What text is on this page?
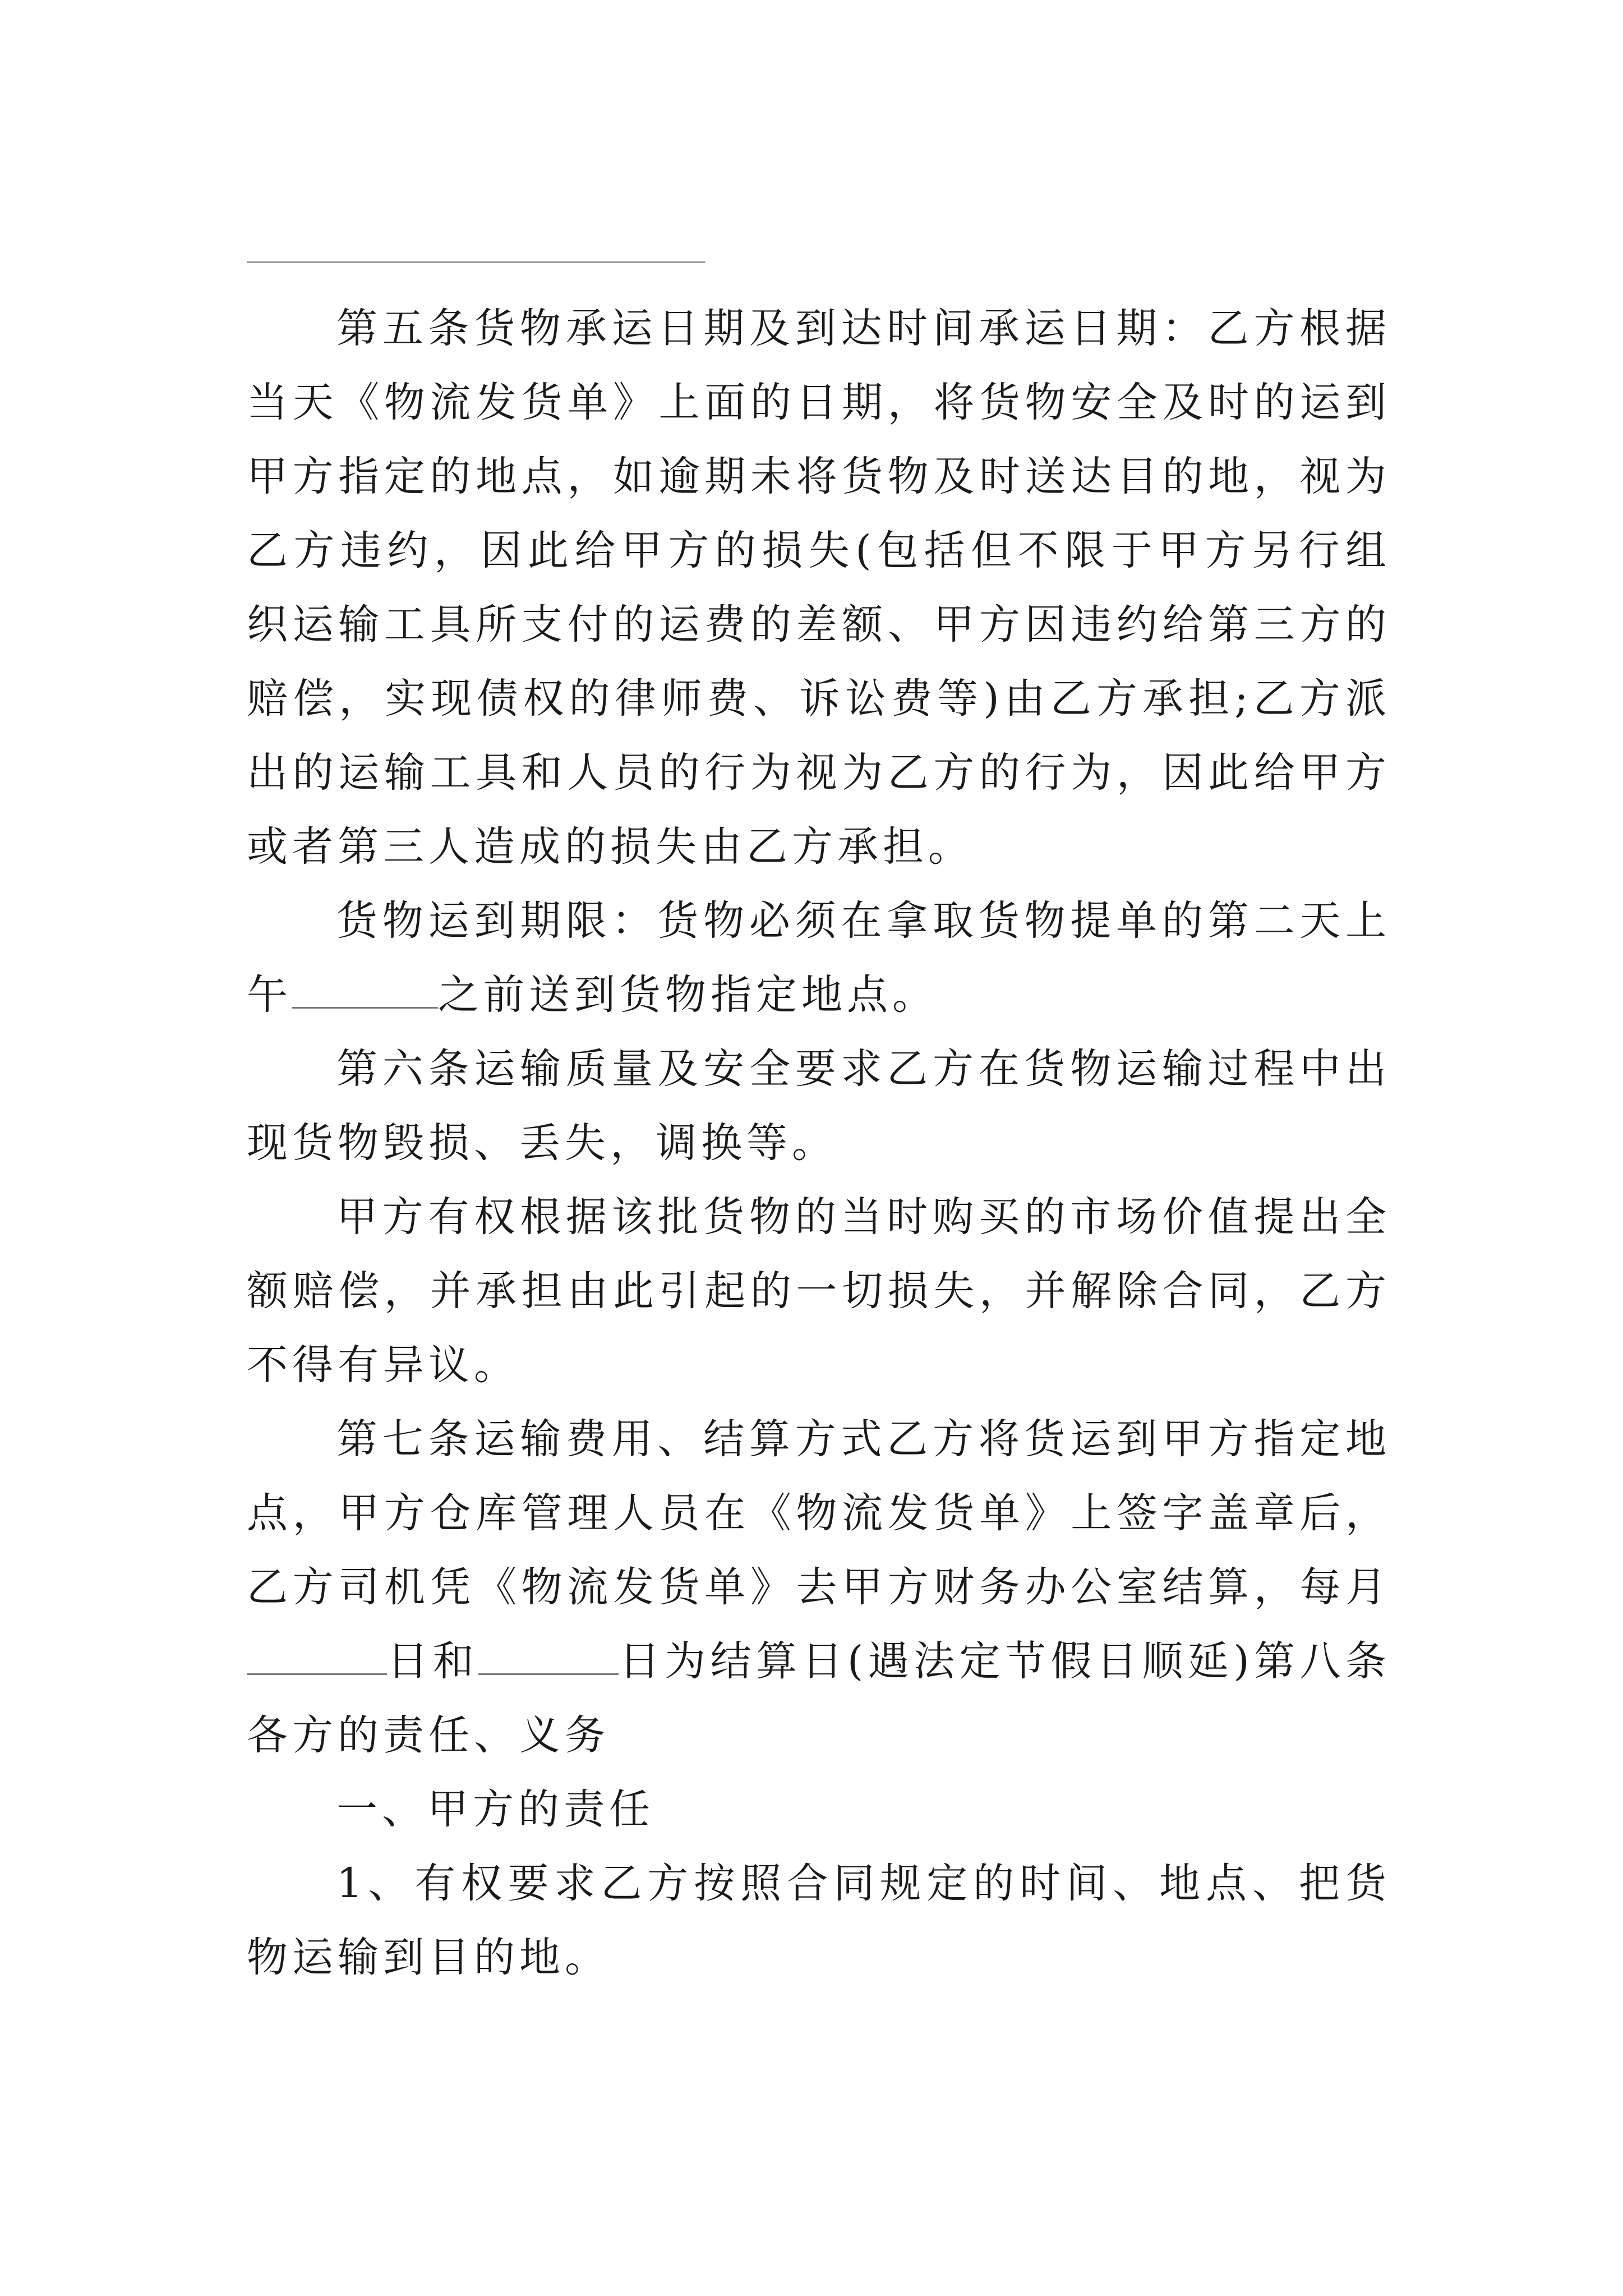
第五条货物承运日期及到达时间承运日期：乙方根据当天《物流发货单》上面的日期，将货物安全及时的运到甲方指定的地点，如逾期未将货物及时送达目的地，视为乙方违约，因此给甲方的损失(包括但不限于甲方另行组织运输工具所支付的运费的差额、甲方因违约给第三方的赔偿，实现债权的律师费、诉讼费等)由乙方承担;乙方派出的运输工具和人员的行为视为乙方的行为，因此给甲方或者第三人造成的损失由乙方承担。

货物运到期限：货物必须在拿取货物提单的第二天上午	之前送到货物指定地点。

第六条运输质量及安全要求乙方在货物运输过程中出现货物毁损、丢失，调换等。

甲方有权根据该批货物的当时购买的市场价值提出全额赔偿，并承担由此引起的一切损失，并解除合同，乙方不得有异议。

第七条运输费用、结算方式乙方将货运到甲方指定地点，甲方仓库管理人员在《物流发货单》上签字盖章后，乙方司机凭《物流发货单》去甲方财务办公室结算，每月日和	日为结算日(遇法定节假日顺延)第八条各方的责任、义务

一、甲方的责任

1、有权要求乙方按照合同规定的时间、地点、把货物运输到目的地。
